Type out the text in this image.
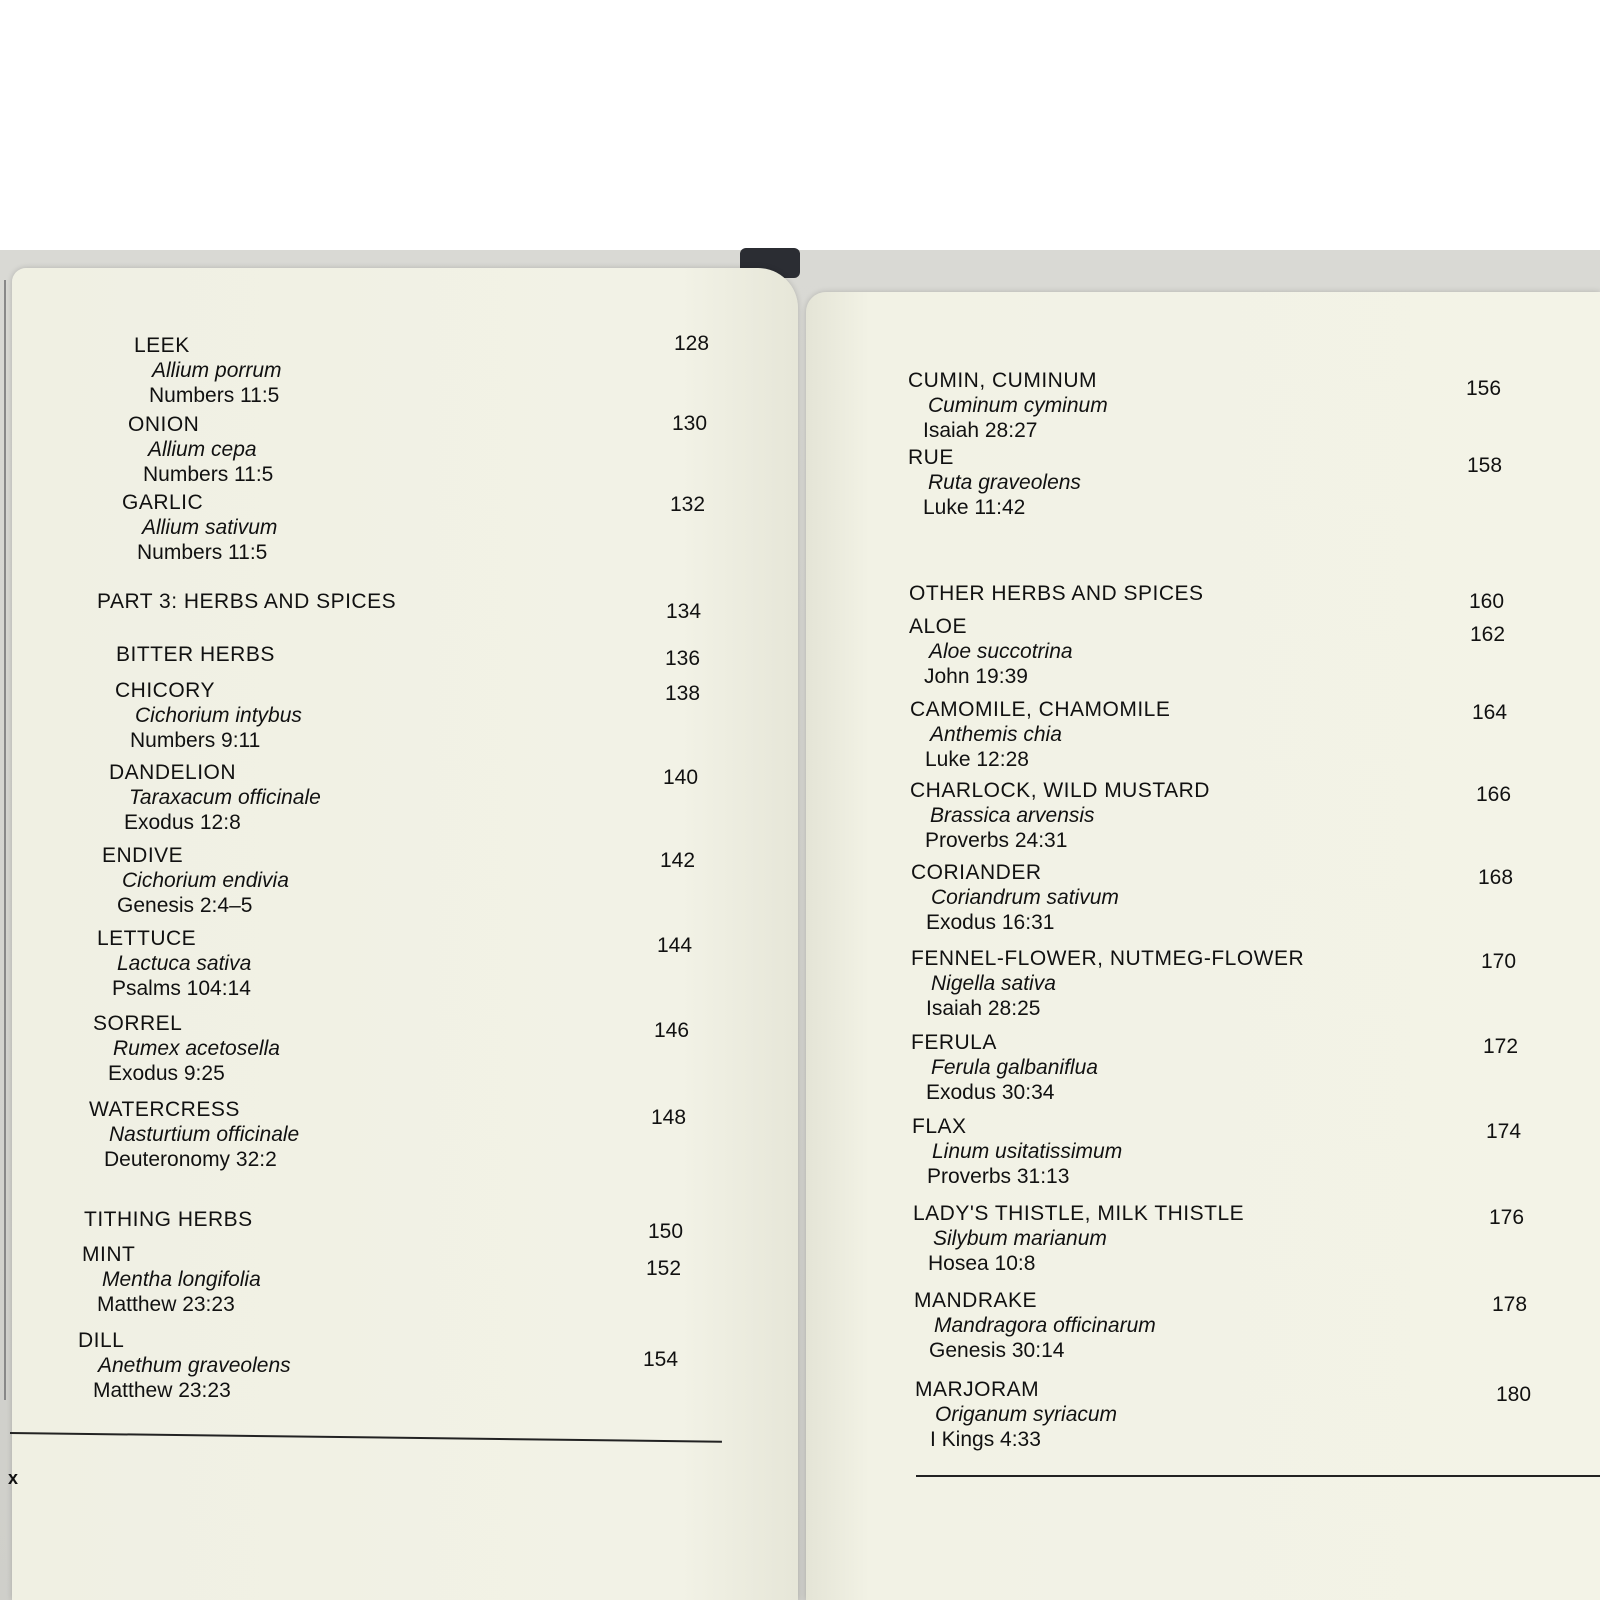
LEEK
Allium porrum
Numbers 11:5
128
ONION
Allium cepa
Numbers 11:5
130
GARLIC
Allium sativum
Numbers 11:5
132
PART 3: HERBS AND SPICES	134
BITTER HERBS	136
CHICORY
Cichorium intybus
Numbers 9:11
138
DANDELION
Taraxacum officinale
Exodus 12:8
140
ENDIVE
Cichorium endivia
Genesis 2:4–5
142
LETTUCE
Lactuca sativa
Psalms 104:14
144
SORREL
Rumex acetosella
Exodus 9:25
146
WATERCRESS
Nasturtium officinale
Deuteronomy 32:2
148
TITHING HERBS
150
MINT
Mentha longifolia
Matthew 23:23
152
DILL
Anethum graveolens
Matthew 23:23
154
x
CUMIN, CUMINUM
Cuminum cyminum
Isaiah 28:27
156
RUE
Ruta graveolens
Luke 11:42
158
OTHER HERBS AND SPICES	160
ALOE
Aloe succotrina
John 19:39
162
CAMOMILE, CHAMOMILE
Anthemis chia
Luke 12:28
164
CHARLOCK, WILD MUSTARD
Brassica arvensis
Proverbs 24:31
166
CORIANDER
Coriandrum sativum
Exodus 16:31
168
FENNEL-FLOWER, NUTMEG-FLOWER
Nigella sativa
Isaiah 28:25
170
FERULA
Ferula galbaniflua
Exodus 30:34
172
FLAX
Linum usitatissimum
Proverbs 31:13
174
LADY'S THISTLE, MILK THISTLE
Silybum marianum
Hosea 10:8
176
MANDRAKE
Mandragora officinarum
Genesis 30:14
178
MARJORAM
Origanum syriacum
I Kings 4:33
180
